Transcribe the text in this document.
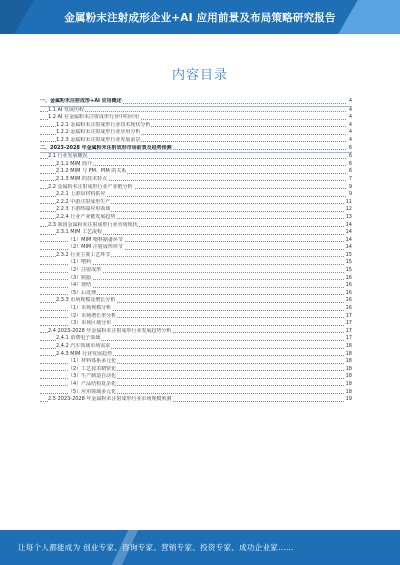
金属粉末注射成形企业+AI 应用前景及布局策略研究报告
内容目录
一、金属粉末注射成形+AI 应用概述	4
1.1 AI 发展历程	4
1.2 AI 在金属粉末注射成形行业中的应用	4
1.2.1 金属粉末注射成形行业技术现状分析	4
1.2.2 金属粉末注射成形行业应用分析	4
1.2.3 金属粉末注射成形行业发展前景	4
二、2023-2028 年金属粉末注射成形市场前景及趋势预测	6
2.1 行业发展概况	6
2.1.1 MIM 简介	6
2.1.2 MIM 与 PM、PIM 的关系	6
2.1.3 MIM 的技术特点	7
2.2 金属粉末注射成形行业产业链分析	9
2.2.1 上游原材料供应	9
2.2.2 中游注射成形生产	11
2.2.3 下游终端应用领域	12
2.2.4 行业产业链发展趋势	13
2.3 我国金属粉末注射成形行业市场现状	14
2.3.1 MIM 工艺流程	14
（1）MIM 喂料制备环节	14
（2）MIM 注射成形环节	14
2.3.2 行业主要工艺环节	15
（1）喂料	15
（2）注射成形	15
（3）脱脂	16
（4）烧结	16
（5）后处理	16
2.3.3 市场规模及增长分析	16
（1）市场规模分析	16
（2）市场增长率分析	17
（3）市场区域分布	17
2.4 2023-2028 年金属粉末注射成形行业发展趋势分析	17
2.4.1 消费电子领域	17
2.4.2 汽车领域市场需求	18
2.4.3 MIM 行业发展趋势	18
（1）材料体系多元化	18
（2）工艺技术精密化	18
（3）生产制造自动化	18
（4）产品结构复杂化	18
（5）应用领域多元化	18
2.5 2023-2028 年金属粉末注射成形行业市场规模预测	19
让每个人都能成为 创业专家、咨询专家、营销专家、投资专家、成功企业家……
